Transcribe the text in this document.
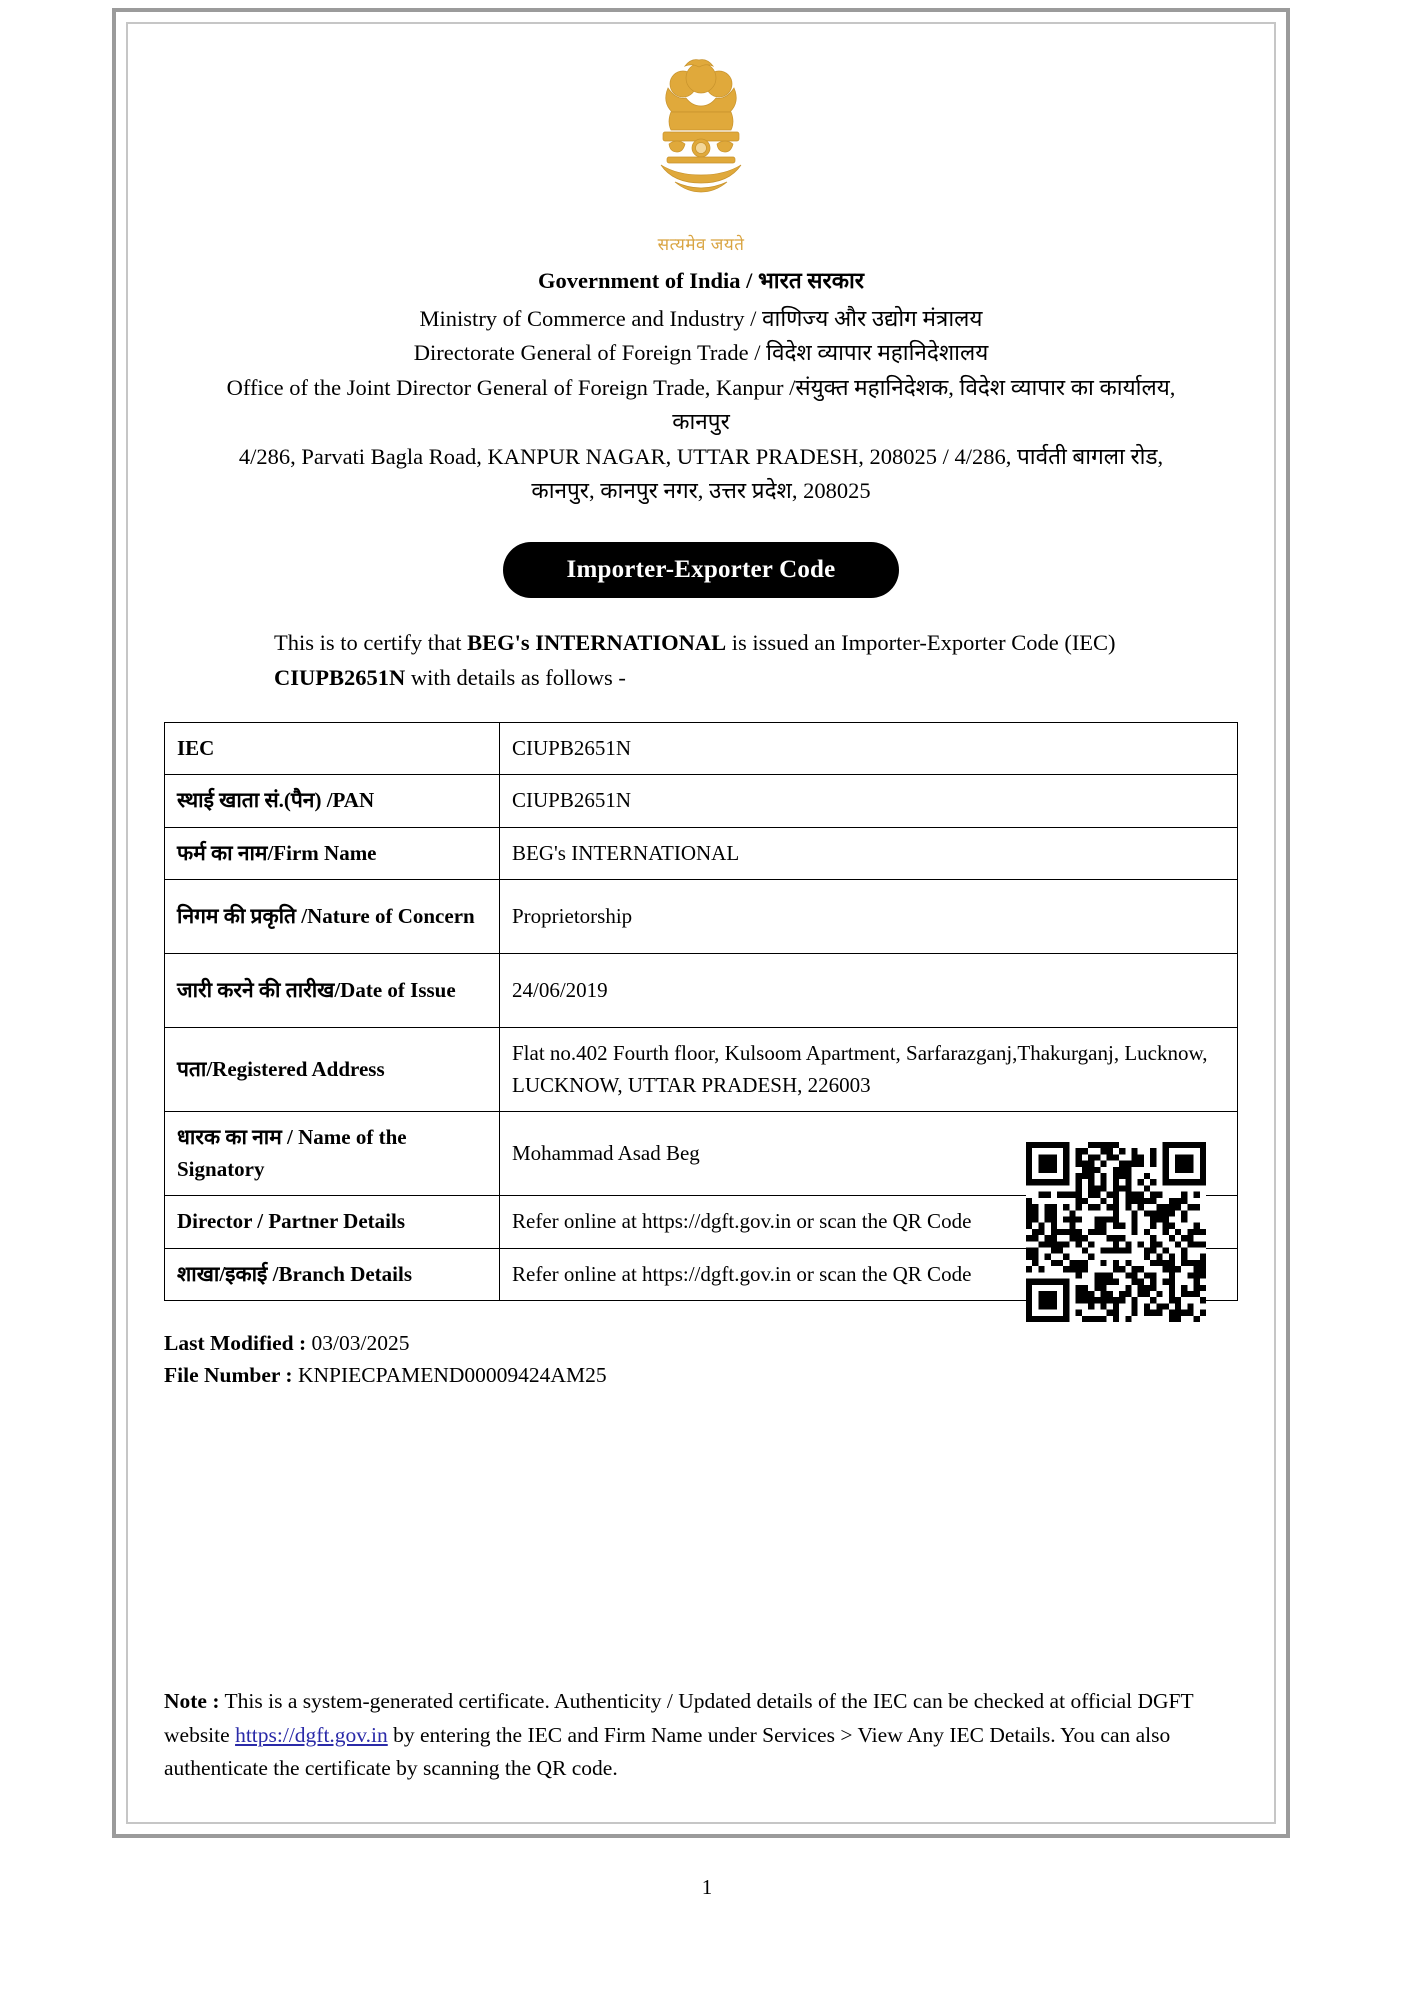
सत्यमेव जयते
Government of India / भारत सरकार
Ministry of Commerce and Industry / वाणिज्य और उद्योग मंत्रालय
Directorate General of Foreign Trade / विदेश व्यापार महानिदेशालय
Office of the Joint Director General of Foreign Trade, Kanpur /संयुक्त महानिदेशक, विदेश व्यापार का कार्यालय, कानपुर
4/286, Parvati Bagla Road, KANPUR NAGAR, UTTAR PRADESH, 208025 / 4/286, पार्वती बागला रोड, कानपुर, कानपुर नगर, उत्तर प्रदेश, 208025
Importer-Exporter Code
This is to certify that BEG's INTERNATIONAL is issued an Importer-Exporter Code (IEC) CIUPB2651N with details as follows -
IEC	CIUPB2651N
स्थाई खाता सं.(पैन) /PAN	CIUPB2651N
फर्म का नाम/Firm Name	BEG's INTERNATIONAL
निगम की प्रकृति /Nature of Concern	Proprietorship
जारी करने की तारीख/Date of Issue	24/06/2019
पता/Registered Address	Flat no.402 Fourth floor, Kulsoom Apartment, Sarfarazganj,Thakurganj, Lucknow, LUCKNOW, UTTAR PRADESH, 226003
धारक का नाम / Name of the Signatory	Mohammad Asad Beg
Director / Partner Details	Refer online at https://dgft.gov.in or scan the QR Code
शाखा/इकाई /Branch Details	Refer online at https://dgft.gov.in or scan the QR Code
Last Modified : 03/03/2025
File Number : KNPIECPAMEND00009424AM25
Note : This is a system-generated certificate. Authenticity / Updated details of the IEC can be checked at official DGFT website https://dgft.gov.in by entering the IEC and Firm Name under Services > View Any IEC Details. You can also authenticate the certificate by scanning the QR code.
1
